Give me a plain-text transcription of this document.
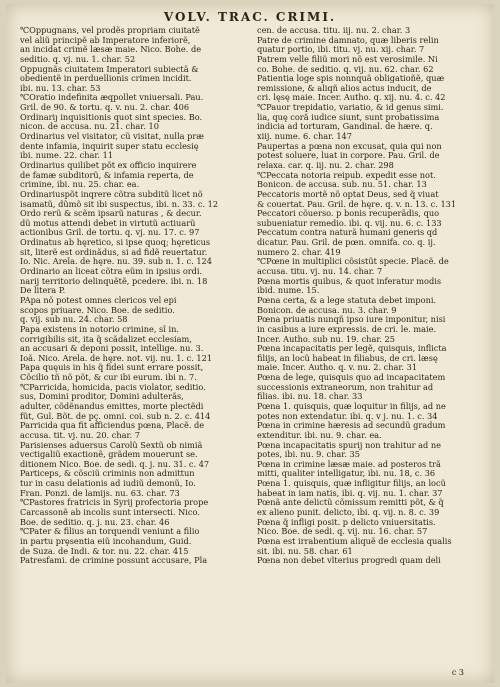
VOLV. TRAC. CRIMI.
℃Oppugnans, vel prodẽs propriam ciuitatẽ
vel aliũ principẽ ab Imperatore inferiorẽ,
an incidat crimẽ læsæ maie. Nico. Bohe. de
seditio. q. vj. nu. 1. char. 52
Oppugnãs ciuitatem Imperatori subiectã &
obedientẽ in perduellionis crimen incidit.
ibi. nu. 13. char. 53
℃Oratio indefinita æqpollet vniuersali. Pau.
Gril. de 90. & tortu. q. v. nu. 2. char. 406
Ordinariȷ inquisitionis quot sint species. Bo.
nicon. de accusa. nu. 21. char. 10
Ordinarius vel visitator, cũ visitat, nulla præ
dente infamia, inquirit super statu ecclesię
ibi. nume. 22. char. 11
Ordinarius quilibet põt ex officio inquirere
de famæ subditorũ, & infamia reperta, de
crimine, ibi. nu. 25. char. ea.
Ordinariuspõt inqrere cõtra subditũ licet nõ
isamatũ, dũmõ sit ibi suspectus, ibi. n. 33. c. 12
Ordo rerũ & scẽm ipsarũ naturas , & decur.
dũ motus attendi debet in virtutũ actiuarũ
actionibus Gril. de tortu. q. vj. nu. 17. c. 97
Ordinatus ab hęretico, si ipse quoq; hęreticus
sit, literẽ est ordinãdus, si ad fidẽ reuertatur.
Io. Nic. Arela. de hęre. nu. 39. sub n. 1. c. 124
Ordinario an liceat cõtra eũm in ipsius ordi.
narij territorio delinquẽtẽ, pcedere. ibi. n. 18
De litera P.
PApa nõ potest omnes clericos vel epi
scopos priuare. Nico. Boe. de seditio.
q. vij. sub nu. 24. char. 58
Papa existens in notorio crimine, sĩ in.
corrigibilis sit, ita q̃ scãdalizet ecclesiam,
an accusari & deponi possit, intellige. nu. 3.
Ioã. Nico. Arela. de hęre. not. vij. nu. 1. c. 121
Papa quęuis in his q̃ fidei sunt errare possit,
Cõcilio tñ nõ põt, & cur ibi eurum. ibi n. 7.
℃Parricida, homicida, pacis violator, seditio.
sus, Domini proditor, Domini adulterãs,
adulter, cõdẽnandus emittes, morte plectẽdi
fũt, Gul. Bõt. de pç. omni. coi. sub n. 2. c. 414
Parricida qua fit afficiendus pœna, Placẽ. de
accusa. tit. vj. nu. 20. char. 7
Parisienses aduersus Carolũ Sextũ ob nimiã
vectigaliũ exactionẽ, grãdem mouerunt se.
ditionem Nico. Boe. de sedi. q. j. nu. 31. c. 47
Particeps, & cõsciũ criminis non admittun
tur in casu delationis ad iudiũ demonũ, Io.
Fran. Ponzi. de lamijs. nu. 63. char. 73
℃Pastores fratricis in Syrij profectoria prope
Carcassonẽ ab incolis sunt intersecti. Nico.
Boe. de seditio. q. j. nu. 23. char. 46
℃Pater & filius an torquendi veniunt a filio
in partu prȩsentia eiũ incohandum, Guid.
de Suza. de Indi. & tor. nu. 22. char. 415
Patresfami. de crimine possunt accusare, Pla
cen. de accusa. titu. iij. nu. 2. char. 3
Patre de crimine damnato, quæ liberis relin
quatur portio, ibi. titu. vj. nu. xij. char. 7
Patrem velle filiũ mori nõ est verosimile. Ni
co. Bohe. de seditio. q. vij. nu. 62. char. 62
Patientia loge spis nonnquã obligatioñẽ, quæ
remissione, & aliqñ alios actus inducit, de
cri. lęsę maie. Incer. Autho. q. xij. nu. 4. c. 42
℃Pauor trepidatio, variatio, & id genus simi.
lia, quę coră iudice siunt, sunt probatissima
indicia ad torturam, Gandinal. de hære. q.
xiij. nume. 6. char. 147
Paupertas a pœna non excusat, quia qui non
potest soluere, luat in corpore. Pau. Gril. de
relaxa. car. q. iij. nu. 2. char. 298
℃Peccata notoria reipub. expedit esse not.
Bonicon. de accusa. sub. nu. 51. char. 13
Peccatoris mortẽ nõ optat Deus, sed q̃ viuat
& couertat. Pau. Gril. de hęre. q. v. n. 13. c. 131
Peccatori cõuerso. p bonis recuperãdis, quo
subueniatur remedio. ibi. q. vij. nu. 6. c. 133
Peccatum contra naturã humani generis qd
dicatur. Pau. Gril. de pœn. omnifa. co. q. ij.
numero 2. char. 419
℃Pœne in multiplici cõsistũt specie. Placẽ. de
accusa. titu. vj. nu. 14. char. 7
Pœna mortis quibus, & quot inferatur modis
ibid. nume. 15.
Pœna certa, & a lege statuta debet imponi.
Bonicon. de accusa. nu. 3. char. 9
Pœna priuatis nunqñ ipso iure imponitur, nisi
in casibus a iure expressis. de cri. le. maie.
Incer. Autho. sub nu. 19. char. 25
Pœna incapacitatis per legẽ, quisquis, inflicta
filijs, an locũ habeat in filiabus, de cri. læsę
maie. Incer. Autho. q. v. nu. 2. char. 31
Pœna de lege, quisquis quo ad incapacitatem
successionis extraneorum, non trahitur ad
filias. ibi. nu. 18. char. 33
Pœna 1. quisquis, quæ loquitur in filijs, ad ne
potes non extendatur. ibi. q. v j. nu. 1. c. 34
Pœna in crimine hæresis ad secundũ gradum
extenditur. ibi. nu. 9. char. ea.
Pœna incapacitatis spurij non trahitur ad ne
potes, ibi. nu. 9. char. 35
Pœna in crimine læsæ maie. ad posteros trã
mitti, qualiter intelligatur, ibi. nu. 18, c. 36
Pœna 1. quisquis, quæ infligitur filijs, an locũ
habeat in iam natis, ibi. q. vij. nu. 1. char. 37
Pœnã ante delictũ cõmissum remitti põt, & q̃
ex alieno punit. delicto, ibi. q. vij. n. 8. c. 39
Pœna q̃ infligi posit. p delicto vniuersitatis.
Nico. Boe. de sedi. q. vij. nu. 16. char. 57
Pœna est irrabentium aliquẽ de ecclesia qualis
sit. ibi. nu. 58. char. 61
Pœna non debet vlterius progredi quam deli
c 3
